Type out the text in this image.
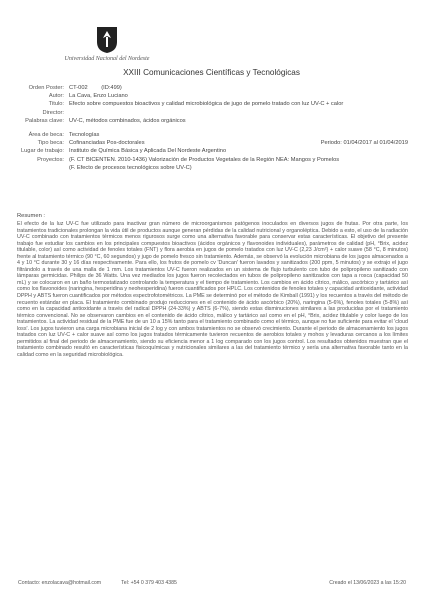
Universidad Nacional del Nordeste
XXIII Comunicaciones Científicas y Tecnológicas
Orden Poster: CT-002 (ID:499)
Autor: La Cava, Enzo Luciano
Titulo: Efecto sobre compuestos bioactivos y calidad microbiológica de jugo de pomelo tratado con luz UV-C + calor
Director:
Palabras clave: UV-C, métodos combinados, ácidos orgánicos
Área de beca: Tecnologías
Tipo beca: Cofinanciadas Pos-doctorales	Periodo: 01/04/2017 al 01/04/2019
Lugar de trabajo: Instituto de Química Básica y Aplicada Del Nordeste Argentino
Proyectos: (F. CT BICENTEN. 2010-1436) Valorización de Productos Vegetales de la Región NEA: Mangos y Pomelos
(F. Efecto de procesos tecnológicos sobre UV-C)
Resumen :
El efecto de la luz UV-C fue utilizado para inactivar gran número de microorganismos patógenos inoculados en diversos jugos de frutas. Por otra parte, los tratamientos tradicionales prolongan la vida útil de productos aunque generan pérdidas de la calidad nutricional y organoléptica. Debido a esto, el uso de la radiación UV-C combinado con tratamientos térmicos menos rigurosos surge como una alternativa favorable para conservar estas características. El objetivo del presente trabajo fue estudiar los cambios en los principales compuestos bioactivos (ácidos orgánicos y flavonoides individuales), parámetros de calidad (pH, °Brix, acidez titulable, color) así como actividad de fenoles totales (FNT) y flora aerobia en jugos de pomelo tratados con luz UV-C (2,23 J/cm²) + calor suave (58 °C, 8 minutos) frente al tratamiento térmico (90 °C, 60 segundos) y jugo de pomelo fresco sin tratamiento. Además, se observó la evolución microbiana de los jugos almacenados a 4 y 10 °C durante 30 y 16 días respectivamente. Para ello, los frutos de pomelo cv 'Duncan' fueron lavados y sanitizados (200 ppm, 5 minutos) y se extrajo el jugo filtrándolo a través de una malla de 1 mm. Los tratamientos UV-C fueron realizados en un sistema de flujo turbulento con tubo de polipropileno sanitizado con lámparas germicidas. Philips de 36 Watts. Una vez mediados los jugos fueron recolectados en tubos de polipropileno sanitizados con tapa a rosca (capacidad 50 mL) y se colocaron en un baño termostatizado controlando la temperatura y el tiempo de tratamiento. Los cambios en ácido cítrico, málico, ascórbico y tartárico así como los flavonoides (naringina, hesperidina y neohesperidina) fueron cuantificados por HPLC. Los contenidos de fenoles totales y capacidad antioxidante, actividad DPPH y ABTS fueron cuantificados por métodos espectrofotométricos. La PME se determinó por el método de Kimball (1991) y los recuentos a través del método de recuento estándar en placa. El tratamiento combinado produjo reducciones en el contenido de ácido ascórbico (20%), naringina (5-6%), fenoles totales (5-8%) así como en la capacidad antioxidante a través del radical DPPH (24-33%) y ABTS (6-7%), siendo estas disminuciones similares a las producidas por el tratamiento térmico convencional. No se observaron cambios en el contenido de ácido cítrico, málico y tartárico así como en el pH, °Brix, acidez titulable y color luego de los tratamientos. La actividad residual de la PME fue de un 10 a 15% tanto para el tratamiento combinado como el térmico, aunque no fue suficiente para evitar el 'cloud loss'. Los jugos tuvieron una carga microbiana inicial de 2 log y con ambos tratamientos no se observó crecimiento. Durante el periodo de almacenamiento los jugos tratados con luz UV-C + calor suave así como los jugos tratados térmicamente tuvieron recuentos de aerobios totales y mohos y levaduras cercanos a los límites permitidos al final del periodo de almacenamiento, siendo su eficiencia menor a 1 log comparado con los jugos control. Los resultados obtenidos muestran que el tratamiento combinado resultó en características fisicoquímicas y nutricionales similares a las del tratamiento térmico y sería una alternativa favorable tanto en la calidad como en la seguridad microbiológica.
Contacto: enzolacava@hotmail.com	Tel: +54 0 379 403 4385	Creado el 13/06/2023 a las 15:20
